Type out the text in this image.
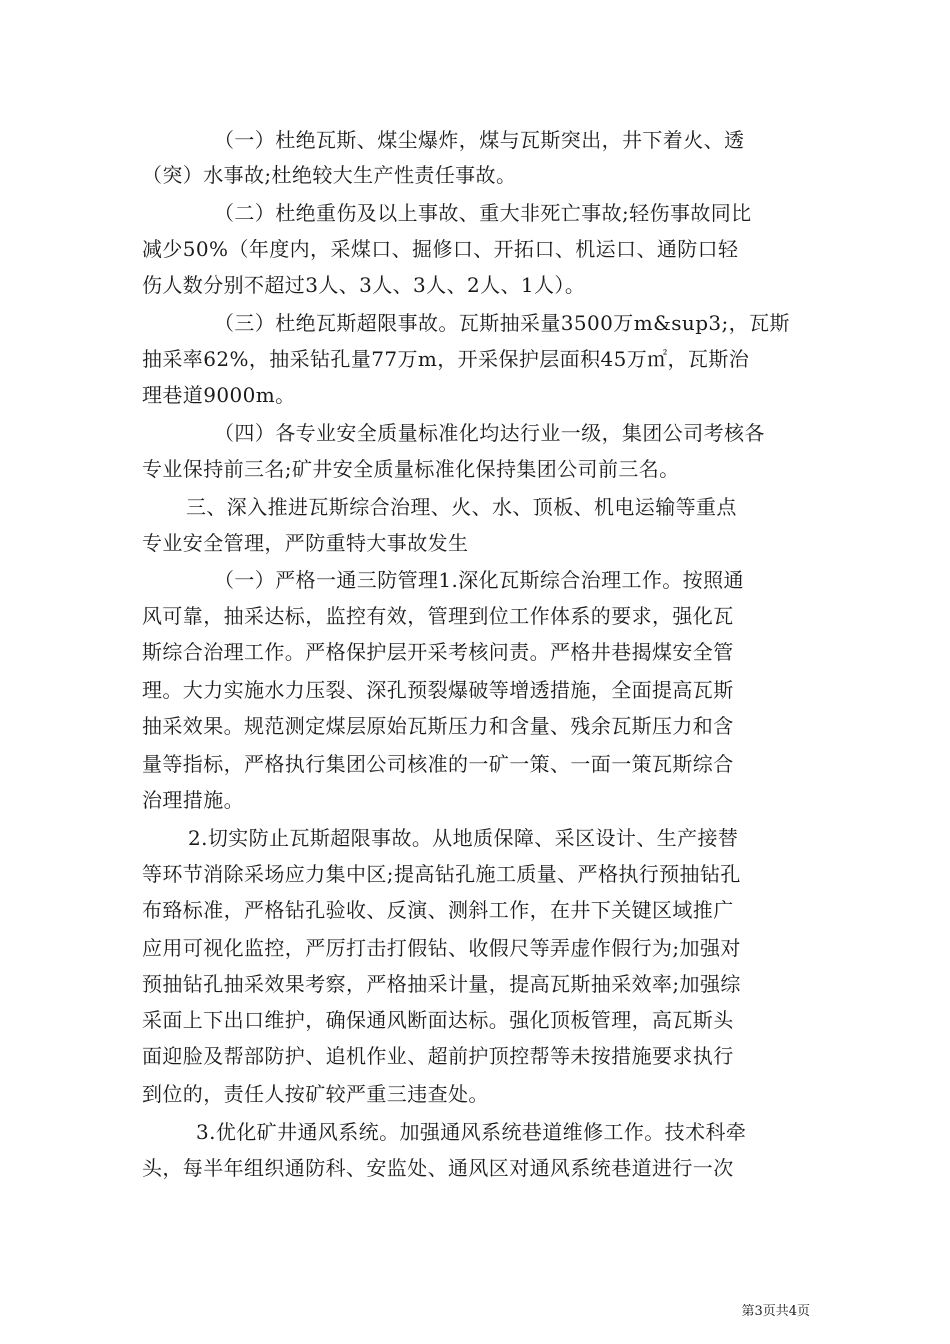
（一）杜绝瓦斯、煤尘爆炸，煤与瓦斯突出，井下着火、透
（突）水事故;杜绝较大生产性责任事故。
（二）杜绝重伤及以上事故、重大非死亡事故;轻伤事故同比
减少50%（年度内，采煤口、掘修口、开拓口、机运口、通防口轻
伤人数分别不超过3人、3人、3人、2人、1人）。
（三）杜绝瓦斯超限事故。瓦斯抽采量3500万m&sup3;，瓦斯
抽采率62%，抽采钻孔量77万m，开采保护层面积45万㎡，瓦斯治
理巷道9000m。
（四）各专业安全质量标准化均达行业一级，集团公司考核各
专业保持前三名;矿井安全质量标准化保持集团公司前三名。
三、深入推进瓦斯综合治理、火、水、顶板、机电运输等重点
专业安全管理，严防重特大事故发生
（一）严格一通三防管理1.深化瓦斯综合治理工作。按照通
风可靠，抽采达标，监控有效，管理到位工作体系的要求，强化瓦
斯综合治理工作。严格保护层开采考核问责。严格井巷揭煤安全管
理。大力实施水力压裂、深孔预裂爆破等增透措施，全面提高瓦斯
抽采效果。规范测定煤层原始瓦斯压力和含量、残余瓦斯压力和含
量等指标，严格执行集团公司核准的一矿一策、一面一策瓦斯综合
治理措施。
2.切实防止瓦斯超限事故。从地质保障、采区设计、生产接替
等环节消除采场应力集中区;提高钻孔施工质量、严格执行预抽钻孔
布臵标准，严格钻孔验收、反演、测斜工作，在井下关键区域推广
应用可视化监控，严厉打击打假钻、收假尺等弄虚作假行为;加强对
预抽钻孔抽采效果考察，严格抽采计量，提高瓦斯抽采效率;加强综
采面上下出口维护，确保通风断面达标。强化顶板管理，高瓦斯头
面迎脸及帮部防护、追机作业、超前护顶控帮等未按措施要求执行
到位的，责任人按矿较严重三违查处。
3.优化矿井通风系统。加强通风系统巷道维修工作。技术科牵
头，每半年组织通防科、安监处、通风区对通风系统巷道进行一次
第3页共4页
